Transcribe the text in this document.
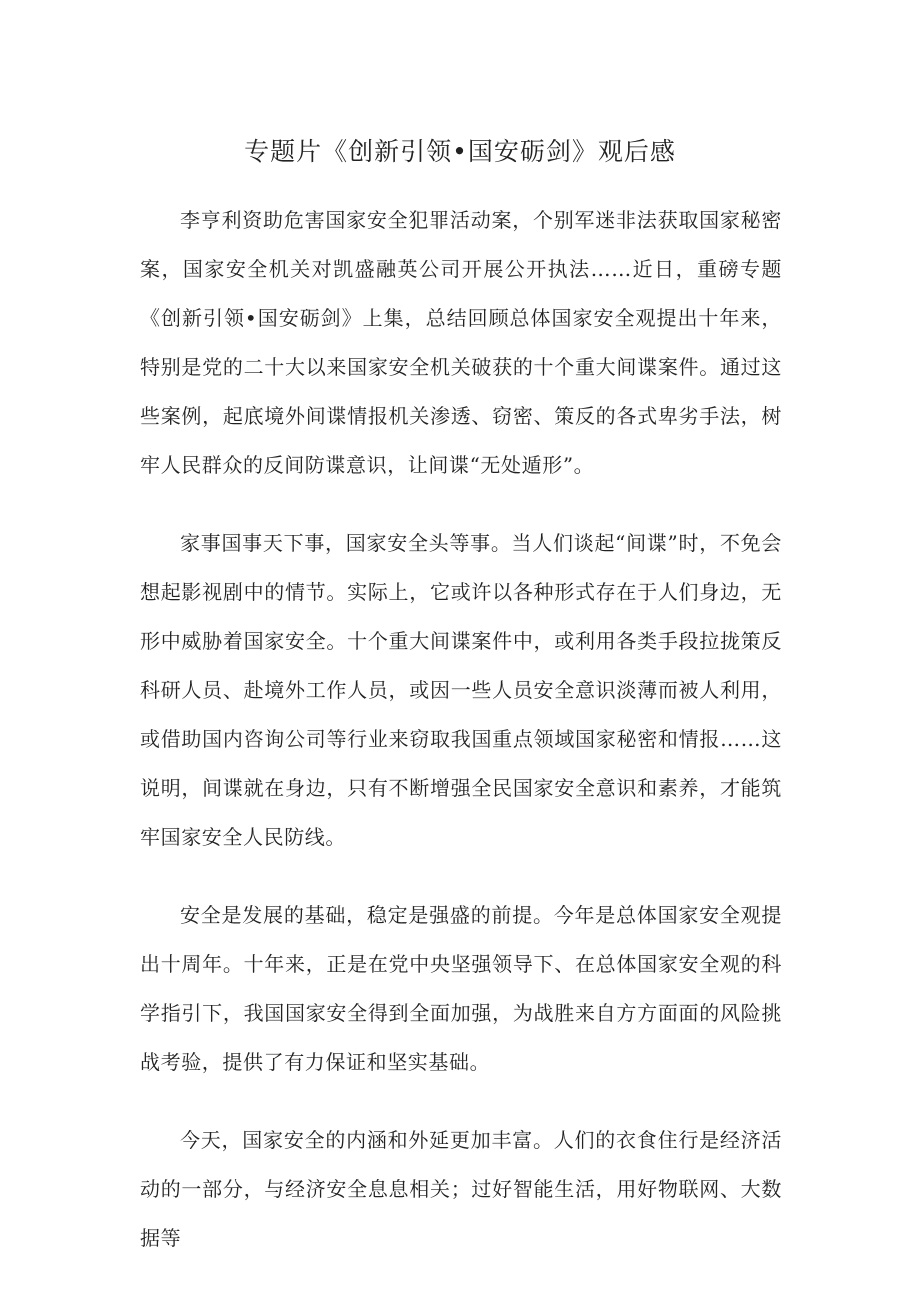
专题片《创新引领•国安砺剑》观后感

李亨利资助危害国家安全犯罪活动案，个别军迷非法获取国家秘密案，国家安全机关对凯盛融英公司开展公开执法……近日，重磅专题《创新引领•国安砺剑》上集，总结回顾总体国家安全观提出十年来，特别是党的二十大以来国家安全机关破获的十个重大间谍案件。通过这些案例，起底境外间谍情报机关渗透、窃密、策反的各式卑劣手法，树牢人民群众的反间防谍意识，让间谍“无处遁形”。

家事国事天下事，国家安全头等事。当人们谈起“间谍”时，不免会想起影视剧中的情节。实际上，它或许以各种形式存在于人们身边，无形中威胁着国家安全。十个重大间谍案件中，或利用各类手段拉拢策反科研人员、赴境外工作人员，或因一些人员安全意识淡薄而被人利用，或借助国内咨询公司等行业来窃取我国重点领域国家秘密和情报……这说明，间谍就在身边，只有不断增强全民国家安全意识和素养，才能筑牢国家安全人民防线。

安全是发展的基础，稳定是强盛的前提。今年是总体国家安全观提出十周年。十年来，正是在党中央坚强领导下、在总体国家安全观的科学指引下，我国国家安全得到全面加强，为战胜来自方方面面的风险挑战考验，提供了有力保证和坚实基础。

今天，国家安全的内涵和外延更加丰富。人们的衣食住行是经济活动的一部分，与经济安全息息相关；过好智能生活，用好物联网、大数据等
